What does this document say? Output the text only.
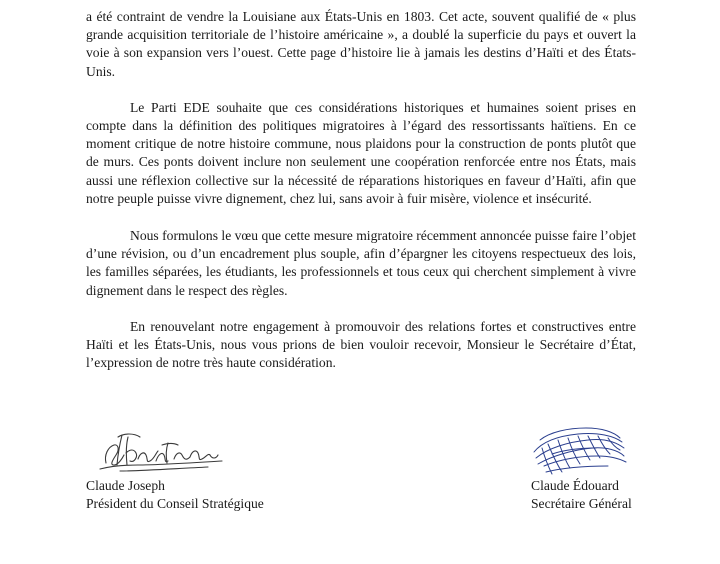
a été contraint de vendre la Louisiane aux États-Unis en 1803. Cet acte, souvent qualifié de « plus grande acquisition territoriale de l’histoire américaine », a doublé la superficie du pays et ouvert la voie à son expansion vers l’ouest. Cette page d’histoire lie à jamais les destins d’Haïti et des États-Unis.

Le Parti EDE souhaite que ces considérations historiques et humaines soient prises en compte dans la définition des politiques migratoires à l’égard des ressortissants haïtiens. En ce moment critique de notre histoire commune, nous plaidons pour la construction de ponts plutôt que de murs. Ces ponts doivent inclure non seulement une coopération renforcée entre nos États, mais aussi une réflexion collective sur la nécessité de réparations historiques en faveur d’Haïti, afin que notre peuple puisse vivre dignement, chez lui, sans avoir à fuir misère, violence et insécurité.

Nous formulons le vœu que cette mesure migratoire récemment annoncée puisse faire l’objet d’une révision, ou d’un encadrement plus souple, afin d’épargner les citoyens respectueux des lois, les familles séparées, les étudiants, les professionnels et tous ceux qui cherchent simplement à vivre dignement dans le respect des règles.

En renouvelant notre engagement à promouvoir des relations fortes et constructives entre Haïti et les États-Unis, nous vous prions de bien vouloir recevoir, Monsieur le Secrétaire d’État, l’expression de notre très haute considération.

Claude Joseph
Président du Conseil Stratégique
Claude Édouard
Secrétaire Général
